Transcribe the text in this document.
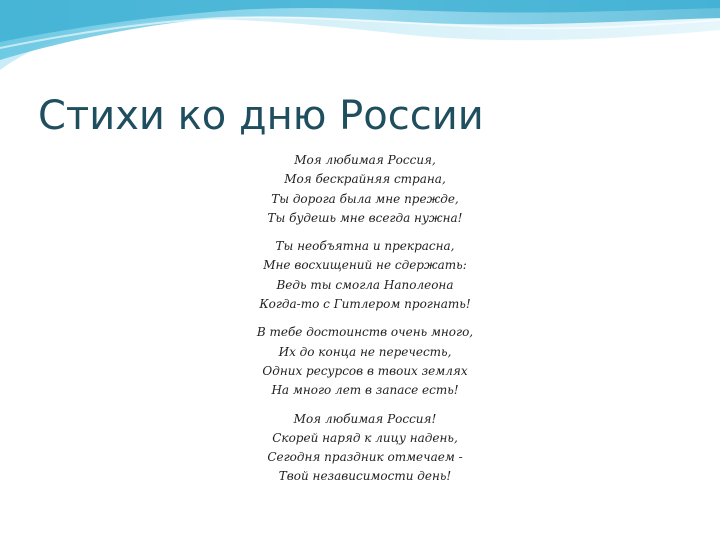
Стихи ко дню России
Моя любимая Россия,
Моя бескрайняя страна,
Ты дорога была мне прежде,
Ты будешь мне всегда нужна!
Ты необъятна и прекрасна,
Мне восхищений не сдержать:
Ведь ты смогла Наполеона
Когда-то с Гитлером прогнать!
В тебе достоинств очень много,
Их до конца не перечесть,
Одних ресурсов в твоих землях
На много лет в запасе есть!
Моя любимая Россия!
Скорей наряд к лицу надень,
Сегодня праздник отмечаем -
Твой независимости день!
